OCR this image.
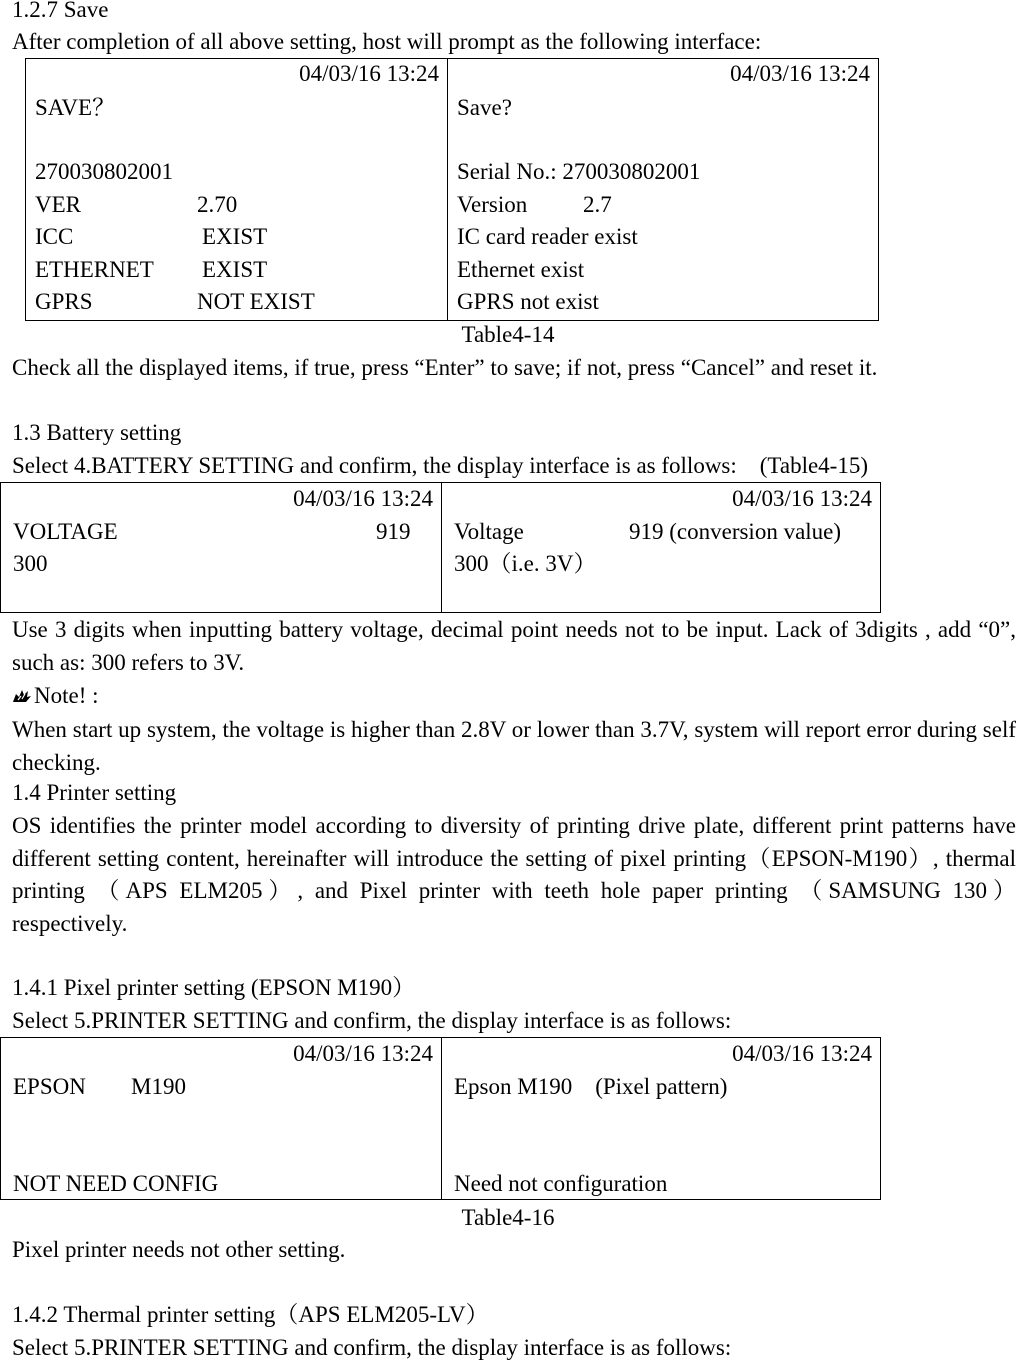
1.2.7 Save
After completion of all above setting, host will prompt as the following interface:
04/03/16 13:24
SAVE？
270030802001
VER	2.70
ICC	EXIST
ETHERNET EXIST
GPRS	NOT EXIST

04/03/16 13:24
Save?
Serial No.: 270030802001
Version 2.7
IC card reader exist
Ethernet exist
GPRS not exist
Table4-14
Check all the displayed items, if true, press “Enter” to save; if not, press “Cancel” and reset it.
1.3 Battery setting
Select 4.BATTERY SETTING and confirm, the display interface is as follows:　(Table4-15)
04/03/16 13:24
VOLTAGE	919
300

04/03/16 13:24
Voltage	919 (conversion value)
300（i.e. 3V）
Use 3 digits when inputting battery voltage, decimal point needs not to be input. Lack of 3digits , add “0”, such as: 300 refers to 3V.
Note! :
When start up system, the voltage is higher than 2.8V or lower than 3.7V, system will report error during self checking.
1.4 Printer setting
OS identifies the printer model according to diversity of printing drive plate, different print patterns have different setting content, hereinafter will introduce the setting of pixel printing（EPSON-M190）, thermal printing （APS ELM205）, and Pixel printer with teeth hole paper printing （SAMSUNG 130）respectively.
1.4.1 Pixel printer setting (EPSON M190）
Select 5.PRINTER SETTING and confirm, the display interface is as follows:
04/03/16 13:24
EPSON M190
NOT NEED CONFIG

04/03/16 13:24
Epson M190　(Pixel pattern)
Need not configuration
Table4-16
Pixel printer needs not other setting.
1.4.2 Thermal printer setting（APS ELM205-LV）
Select 5.PRINTER SETTING and confirm, the display interface is as follows:
